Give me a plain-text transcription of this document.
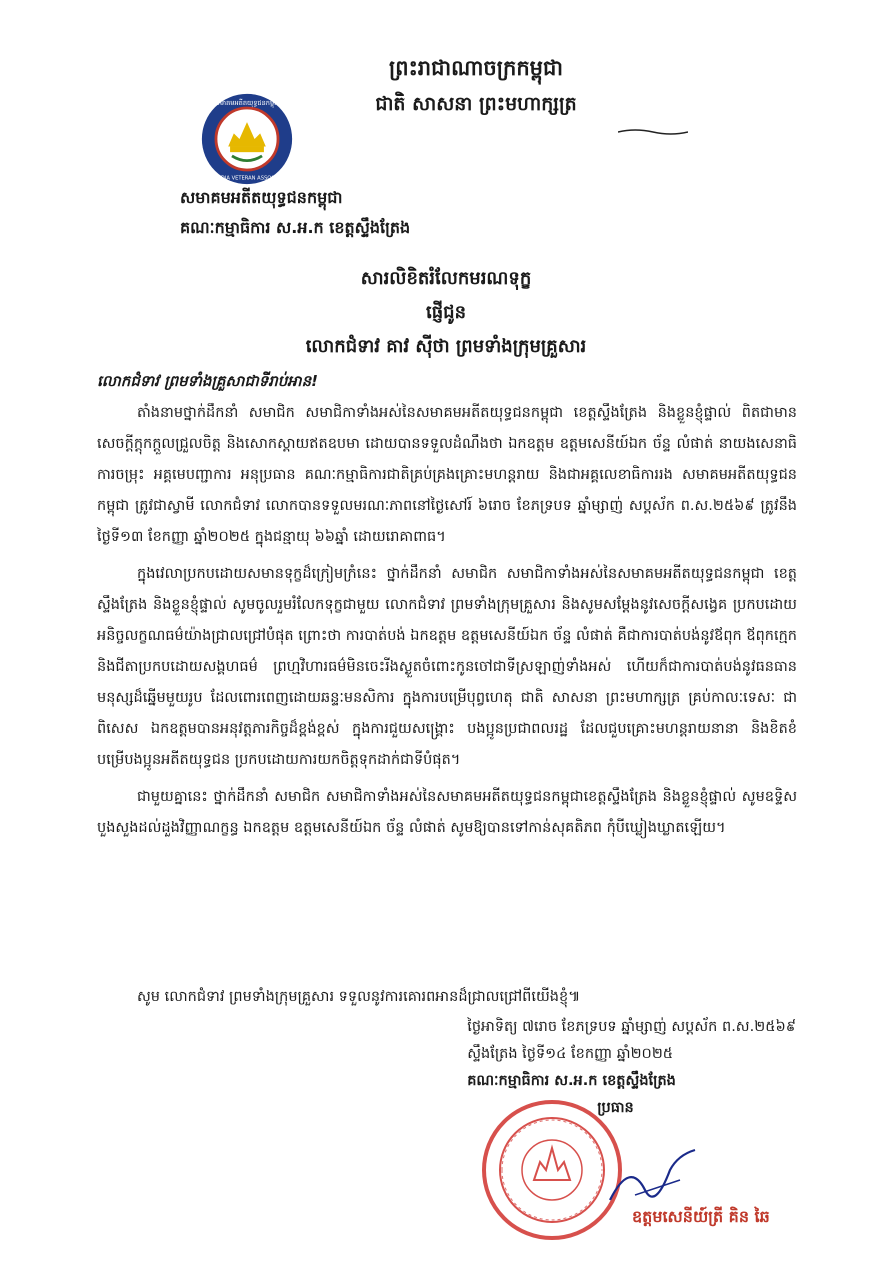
ព្រះរាជាណាចក្រកម្ពុជា
ជាតិ សាសនា ព្រះមហាក្សត្រ
សមាគមអតីតយុទ្ធជនកម្ពុជា
CAMBODIA VETERAN ASSOCIATION
សមាគមអតីតយុទ្ធជនកម្ពុជា
គណៈកម្មាធិការ ស.អ.ក ខេត្តស្ទឹងត្រែង
សារលិខិតរំលែកមរណទុក្ខ
ផ្ញើជូន
លោកជំទាវ គាវ ស៊ីថា ព្រមទាំងក្រុមគ្រួសារ
លោកជំទាវ ព្រមទាំងគ្រួសាជាទីរាប់អាន!

តាំងនាមថ្នាក់ដឹកនាំ សមាជិក សមាជិកាទាំងអស់នៃសមាគមអតីតយុទ្ធជនកម្ពុជា ខេត្តស្ទឹងត្រែង និងខ្លួនខ្ញុំផ្ទាល់ ពិតជាមានសេចក្តីក្តុកក្តួលជ្រួលចិត្ត និងសោកស្តាយឥតឧបមា ដោយបានទទួលដំណឹងថា ឯកឧត្តម ឧត្តមសេនីយ៍ឯក ច័ន្ទ លំផាត់ នាយងសេនាធិការចម្រុះ អគ្គមេបញ្ជាការ អនុប្រធាន គណៈកម្មាធិការជាតិគ្រប់គ្រងគ្រោះមហន្តរាយ និងជាអគ្គលេខាធិការរង សមាគមអតីតយុទ្ធជនកម្ពុជា ត្រូវជាស្វាមី លោកជំទាវ លោកបានទទួលមរណៈភាពនៅថ្ងៃសៅរ៍ ៦រោច ខែភទ្របទ ឆ្នាំម្សាញ់ សប្តស័ក ព.ស.២៥៦៩ ត្រូវនឹងថ្ងៃទី១៣ ខែកញ្ញា ឆ្នាំ២០២៥ ក្នុងជន្មាយុ ៦៦ឆ្នាំ ដោយរោគាពាធ។

ក្នុងវេលាប្រកបដោយសមានទុក្ខដ៏ក្រៀមក្រំនេះ ថ្នាក់ដឹកនាំ សមាជិក សមាជិកាទាំងអស់នៃសមាគមអតីតយុទ្ធជនកម្ពុជា ខេត្តស្ទឹងត្រែង និងខ្លួនខ្ញុំផ្ទាល់ សូមចូលរួមរំលែកទុក្ខជាមួយ លោកជំទាវ ព្រមទាំងក្រុមគ្រួសារ និងសូមសម្តែងនូវសេចក្តីសង្វេគ ប្រកបដោយអនិច្ចលក្ខណធម៌យ៉ាងជ្រាលជ្រៅបំផុត ព្រោះថា ការបាត់បង់ ឯកឧត្តម ឧត្តមសេនីយ៍ឯក ច័ន្ទ លំផាត់ គឺជាការបាត់បង់នូវឪពុក ឪពុកក្មេក និងជីតាប្រកបដោយសង្គហធម៌ ព្រហ្មវិហារធម៌មិនចេះរីងស្ងួតចំពោះកូនចៅជាទីស្រឡាញ់ទាំងអស់ ហើយក៏ជាការបាត់បង់នូវធនធានមនុស្សដ៏ឆ្នើមមួយរូប ដែលពោរពេញដោយឆន្ទៈមនសិការ ក្នុងការបម្រើបុព្វហេតុ ជាតិ សាសនា ព្រះមហាក្សត្រ គ្រប់កាលៈទេសៈ ជាពិសេស ឯកឧត្តមបានអនុវត្តភារកិច្ចដ៏ខ្ពង់ខ្ពស់ ក្នុងការជួយសង្គ្រោះ បងប្អូនប្រជាពលរដ្ឋ ដែលជួបគ្រោះមហន្តរាយនានា និងខិតខំបម្រើបងប្អូនអតីតយុទ្ធជន ប្រកបដោយការយកចិត្តទុកដាក់ជាទីបំផុត។

ជាមួយគ្នានេះ ថ្នាក់ដឹកនាំ សមាជិក សមាជិកាទាំងអស់នៃសមាគមអតីតយុទ្ធជនកម្ពុជាខេត្តស្ទឹងត្រែង និងខ្លួនខ្ញុំផ្ទាល់ សូមឧទ្ទិសបួងសួងដល់ដួងវិញ្ញាណក្ខន្ធ ឯកឧត្តម ឧត្តមសេនីយ៍ឯក ច័ន្ទ លំផាត់ សូមឱ្យបានទៅកាន់សុគតិភព កុំបីឃ្លៀងឃ្លាតឡើយ។

សូម លោកជំទាវ ព្រមទាំងក្រុមគ្រួសារ ទទួលនូវការគោរពអានដ៏ជ្រាលជ្រៅពីយើងខ្ញុំ៕
ថ្ងៃអាទិត្យ ៧រោច ខែភទ្របទ ឆ្នាំម្សាញ់ សប្តស័ក ព.ស.២៥៦៩
ស្ទឹងត្រែង ថ្ងៃទី១៤ ខែកញ្ញា ឆ្នាំ២០២៥
គណៈកម្មាធិការ ស.អ.ក ខេត្តស្ទឹងត្រែង
ប្រធាន
ឧត្តមសេនីយ៍ត្រី គិន ឆៃ
